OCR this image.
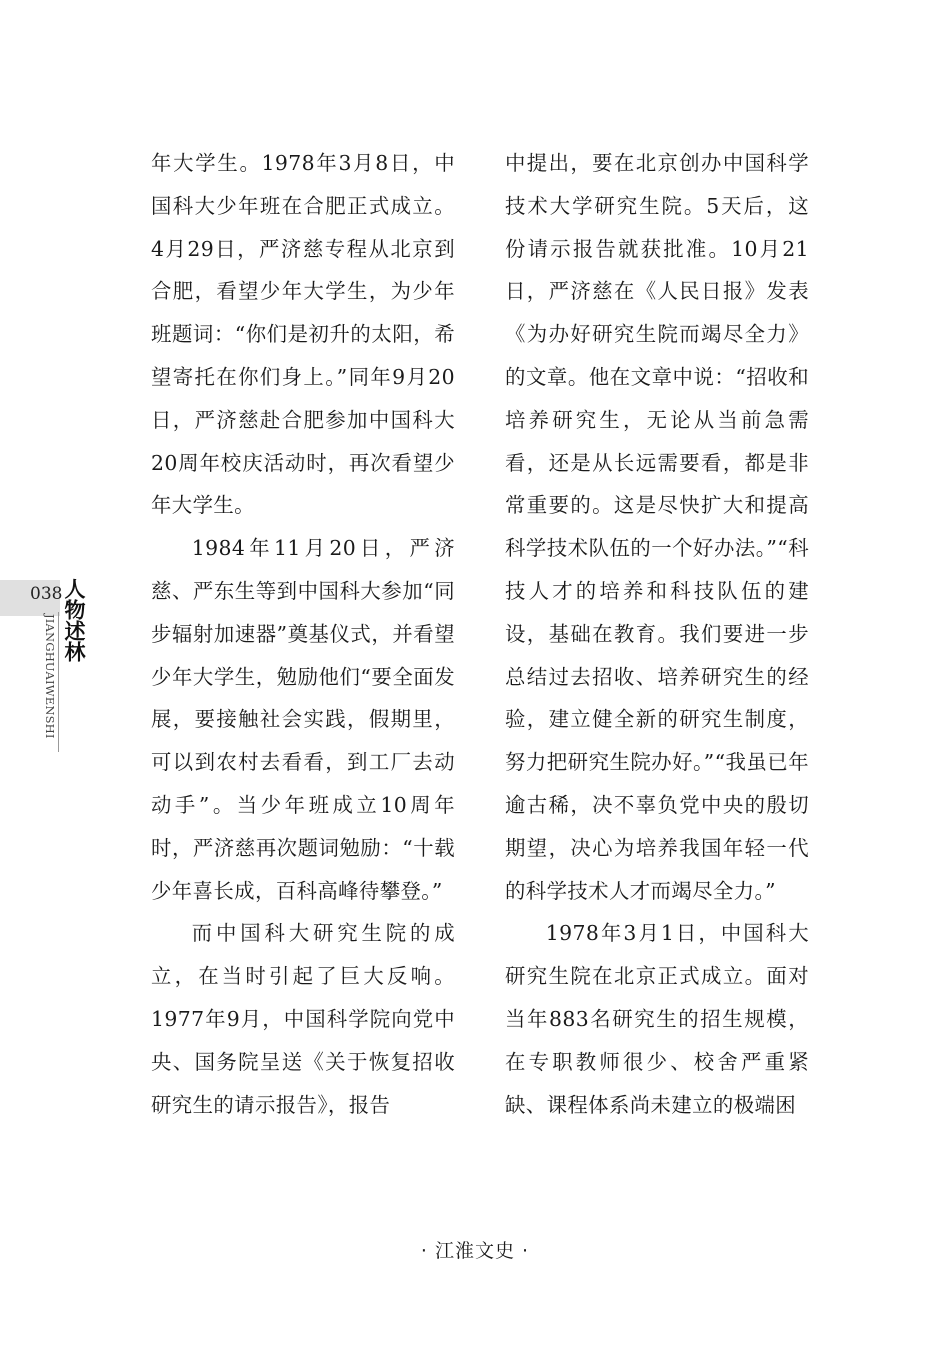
038 人物述林
JIANGHUAIWENSHI

年大学生。1978年3月8日，中国科大少年班在合肥正式成立。4月29日，严济慈专程从北京到合肥，看望少年大学生，为少年班题词：“你们是初升的太阳，希望寄托在你们身上。”同年9月20日，严济慈赴合肥参加中国科大20周年校庆活动时，再次看望少年大学生。

1984年11月20日，严济慈、严东生等到中国科大参加“同步辐射加速器”奠基仪式，并看望少年大学生，勉励他们“要全面发展，要接触社会实践，假期里，可以到农村去看看，到工厂去动动手”。当少年班成立10周年时，严济慈再次题词勉励：“十载少年喜长成，百科高峰待攀登。”

而中国科大研究生院的成立，在当时引起了巨大反响。1977年9月，中国科学院向党中央、国务院呈送《关于恢复招收研究生的请示报告》，报告

中提出，要在北京创办中国科学技术大学研究生院。5天后，这份请示报告就获批准。10月21日，严济慈在《人民日报》发表《为办好研究生院而竭尽全力》的文章。他在文章中说：“招收和培养研究生，无论从当前急需看，还是从长远需要看，都是非常重要的。这是尽快扩大和提高科学技术队伍的一个好办法。”“科技人才的培养和科技队伍的建设，基础在教育。我们要进一步总结过去招收、培养研究生的经验，建立健全新的研究生制度，努力把研究生院办好。”“我虽已年逾古稀，决不辜负党中央的殷切期望，决心为培养我国年轻一代的科学技术人才而竭尽全力。”

1978年3月1日，中国科大研究生院在北京正式成立。面对当年883名研究生的招生规模，在专职教师很少、校舍严重紧缺、课程体系尚未建立的极端困

· 江淮文史 ·
